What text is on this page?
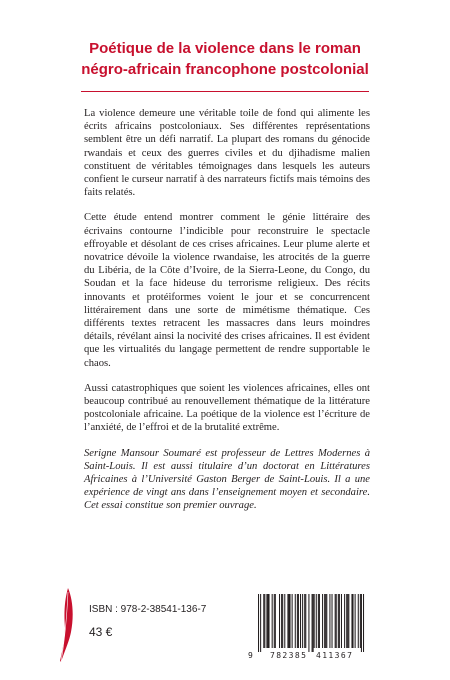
Poétique de la violence dans le roman
négro-africain francophone postcolonial

La violence demeure une véritable toile de fond qui alimente les écrits africains postcoloniaux. Ses différentes représentations semblent être un défi narratif. La plupart des romans du génocide rwandais et ceux des guerres civiles et du djihadisme malien constituent de véritables témoignages dans lesquels les auteurs confient le curseur narratif à des narrateurs fictifs mais témoins des faits relatés.

Cette étude entend montrer comment le génie littéraire des écrivains contourne l’indicible pour reconstruire le spectacle effroyable et désolant de ces crises africaines. Leur plume alerte et novatrice dévoile la violence rwandaise, les atrocités de la guerre du Libéria, de la Côte d’Ivoire, de la Sierra-Leone, du Congo, du Soudan et la face hideuse du terrorisme religieux. Des récits innovants et protéiformes voient le jour et se concurrencent littérairement dans une sorte de mimétisme thématique. Ces différents textes retracent les massacres dans leurs moindres détails, révélant ainsi la nocivité des crises africaines. Il est évident que les virtualités du langage permettent de rendre supportable le chaos.

Aussi catastrophiques que soient les violences africaines, elles ont beaucoup contribué au renouvellement thématique de la littérature postcoloniale africaine. La poétique de la violence est l’écriture de l’anxiété, de l’effroi et de la brutalité extrême.

Serigne Mansour Soumaré est professeur de Lettres Modernes à Saint-Louis. Il est aussi titulaire d’un doctorat en Littératures Africaines à l’Université Gaston Berger de Saint-Louis. Il a une expérience de vingt ans dans l’enseignement moyen et secondaire. Cet essai constitue son premier ouvrage.

ISBN : 978-2-38541-136-7
43 €
9 782385 411367
